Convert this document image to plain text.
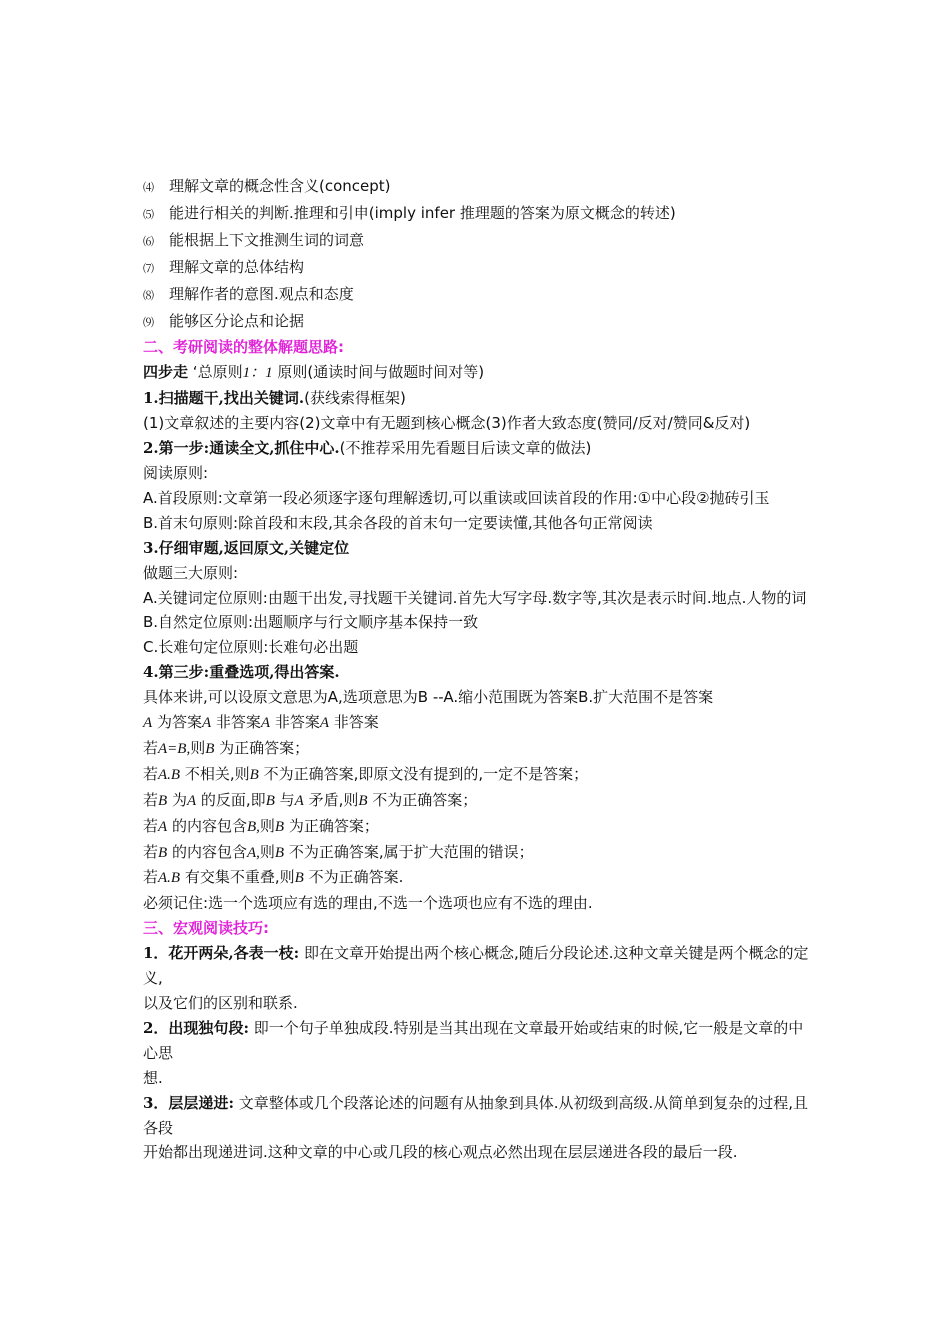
⑷ 理解文章的概念性含义(concept)
⑸ 能进行相关的判断.推理和引申(imply infer 推理题的答案为原文概念的转述)
⑹ 能根据上下文推测生词的词意
⑺ 理解文章的总体结构
⑻ 理解作者的意图.观点和态度
⑼ 能够区分论点和论据
二、考研阅读的整体解题思路:
四步走 ‘总原则1：1 原则(通读时间与做题时间对等)
1.扫描题干,找出关键词.(获线索得框架)
(1)文章叙述的主要内容(2)文章中有无题到核心概念(3)作者大致态度(赞同/反对/赞同&反对)
2.第一步:通读全文,抓住中心.(不推荐采用先看题目后读文章的做法)
阅读原则:
A.首段原则:文章第一段必须逐字逐句理解透切,可以重读或回读首段的作用:①中心段②抛砖引玉
B.首末句原则:除首段和末段,其余各段的首末句一定要读懂,其他各句正常阅读
3.仔细审题,返回原文,关键定位
做题三大原则:
A.关键词定位原则:由题干出发,寻找题干关键词.首先大写字母.数字等,其次是表示时间.地点.人物的词
B.自然定位原则:出题顺序与行文顺序基本保持一致
C.长难句定位原则:长难句必出题
4.第三步:重叠选项,得出答案.
具体来讲,可以设原文意思为A,选项意思为B --A.缩小范围既为答案B.扩大范围不是答案
A 为答案A 非答案A 非答案A 非答案
若A=B,则B 为正确答案；
若A.B 不相关,则B 不为正确答案,即原文没有提到的,一定不是答案；
若B 为A 的反面,即B 与A 矛盾,则B 不为正确答案；
若A 的内容包含B,则B 为正确答案；
若B 的内容包含A,则B 不为正确答案,属于扩大范围的错误；
若A.B 有交集不重叠,则B 不为正确答案.
必须记住:选一个选项应有选的理由,不选一个选项也应有不选的理由.
三、宏观阅读技巧:
1．花开两朵,各表一枝: 即在文章开始提出两个核心概念,随后分段论述.这种文章关键是两个概念的定义,
以及它们的区别和联系.
2．出现独句段: 即一个句子单独成段.特别是当其出现在文章最开始或结束的时候,它一般是文章的中心思
想.
3．层层递进: 文章整体或几个段落论述的问题有从抽象到具体.从初级到高级.从简单到复杂的过程,且各段
开始都出现递进词.这种文章的中心或几段的核心观点必然出现在层层递进各段的最后一段.
